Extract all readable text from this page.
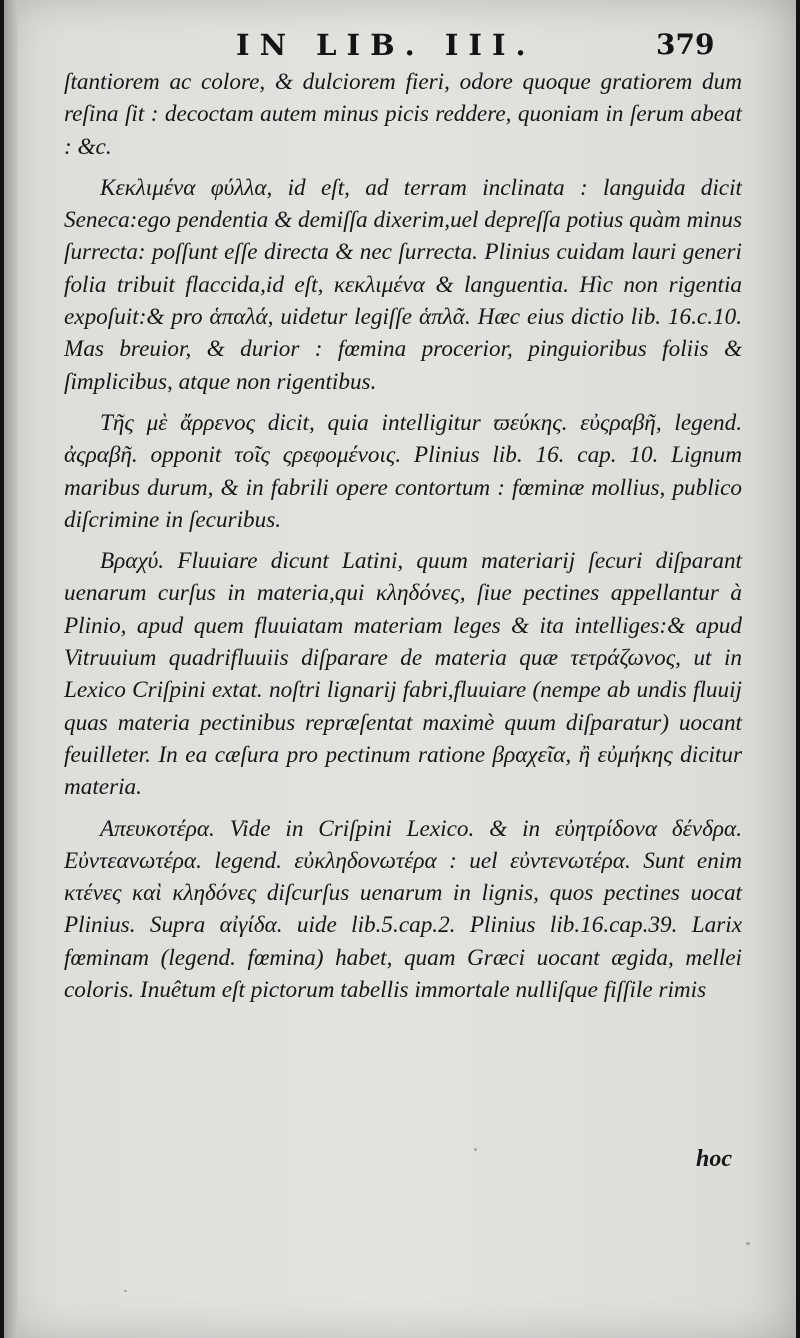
IN LIB. III.	379

ſtantiorem ac colore, & dulciorem fieri, odore quoque gratiorem dum reſina ſit : decoctam autem minus picis reddere, quoniam in ſerum abeat : &c.

Κεκλιμένα φύλλα, id eſt, ad terram inclinata : languida dicit Seneca:ego pendentia & demiſſa dixerim,uel depreſſa potius quàm minus ſurrecta: poſſunt eſſe directa & nec ſurrecta. Plinius cuidam lauri generi folia tribuit flaccida,id eſt, κεκλιμένα & languentia. Hìc non rigentia expoſuit:& pro ἁπαλά, uidetur legiſſe ἁπλᾶ. Hæc eius dictio lib. 16.c.10. Mas breuior, & durior : fœmina procerior, pinguioribus foliis & ſimplicibus, atque non rigentibus.

Τῆς μὲ ἄρρενος dicit, quia intelligitur ϖεύκης. εὐςραβῆ, legend. ἀςραβῆ. opponit τοῖς ςρεφομένοις. Plinius lib. 16. cap. 10. Lignum maribus durum, & in fabrili opere contortum : fœminæ mollius, publico diſcrimine in ſecuribus.

Βραχύ. Fluuiare dicunt Latini, quum materiarij ſecuri diſparant uenarum curſus in materia,qui κληδόνες, ſiue pectines appellantur à Plinio, apud quem fluuiatam materiam leges & ita intelliges:& apud Vitruuium quadrifluuiis diſparare de materia quæ τετράζωνος, ut in Lexico Criſpini extat. noſtri lignarij fabri,fluuiare (nempe ab undis fluuij quas materia pectinibus repræſentat maximè quum diſparatur) uocant feuilleter. In ea cæſura pro pectinum ratione βραχεῖα, ἢ εὐμήκης dicitur materia.

Απευκοτέρα. Vide in Criſpini Lexico. & in εὐητρίδονα δένδρα. Εὐντεανωτέρα. legend. εὐκληδονωτέρα : uel εὐντενωτέρα. Sunt enim κτένες καὶ κληδόνες diſcurſus uenarum in lignis, quos pectines uocat Plinius. Supra αἰγίδα. uide lib.5.cap.2. Plinius lib.16.cap.39. Larix fœminam (legend. fœmina) habet, quam Græci uocant ægida, mellei coloris. Inuêtum eſt pictorum tabellis immortale nulliſque fiſſile rimis

hoc
